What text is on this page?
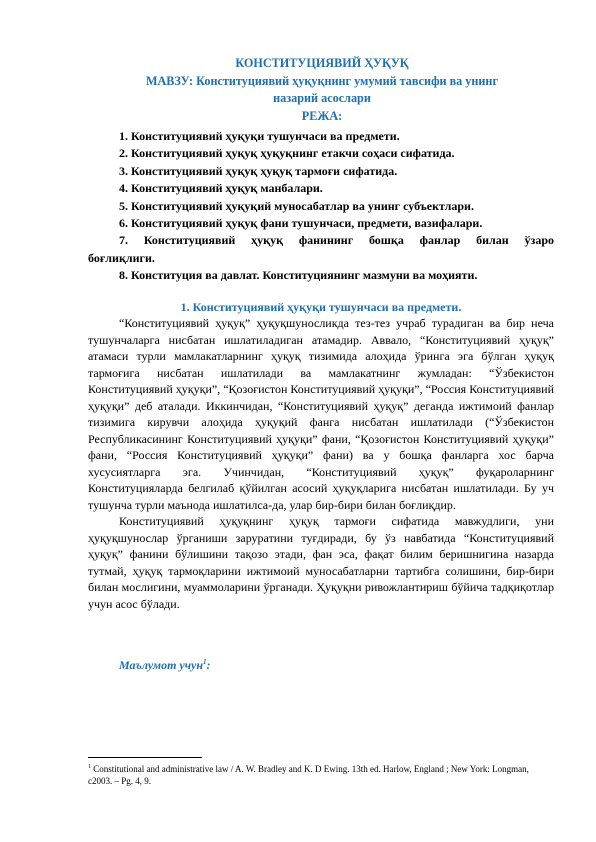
КОНСТИТУЦИЯВИЙ ҲУҚУҚ

МАВЗУ: Конституциявий ҳуқуқнинг умумий тавсифи ва унинг

назарий асослари

РЕЖА:

1. Конституциявий ҳуқуқи тушунчаси ва предмети.
2. Конституциявий ҳуқуқ ҳуқуқнинг етакчи соҳаси сифатида.
3. Конституциявий ҳуқуқ ҳуқуқ тармоғи сифатида.
4. Конституциявий ҳуқуқ манбалари.
5. Конституциявий ҳуқуқий муносабатлар ва унинг субъектлари.
6. Конституциявий ҳуқуқ фани тушунчаси, предмети, вазифалари.
7. Конституциявий ҳуқуқ фанининг бошқа фанлар билан ўзаро
боғлиқлиги.
8. Конституция ва давлат. Конституциянинг мазмуни ва моҳияти.

1. Конституциявий ҳуқуқи тушунчаси ва предмети.

“Конституциявий ҳуқуқ” ҳуқуқшуносликда тез-тез учраб турадиган ва бир неча тушунчаларга нисбатан ишлатиладиган атамадир. Аввало, “Конституциявий ҳуқуқ” атамаси турли мамлакатларнинг ҳуқуқ тизимида алоҳида ўринга эга бўлган ҳуқуқ тармоғига нисбатан ишлатилади ва мамлакатнинг жумладан: “Ўзбекистон Конституциявий ҳуқуқи”, “Қозоғистон Конституциявий ҳуқуқи”, “Россия Конституциявий ҳуқуқи” деб аталади. Иккинчидан, “Конституциявий ҳуқуқ” деганда ижтимоий фанлар тизимига кирувчи алоҳида ҳуқуқий фанга нисбатан ишлатилади (“Ўзбекистон Республикасининг Конституциявий ҳуқуқи” фани, “Қозоғистон Конституциявий ҳуқуқи” фани, “Россия Конституциявий ҳуқуқи” фани) ва у бошқа фанларга хос барча хусусиятларга эга. Учинчидан, “Конституциявий ҳуқуқ” фуқароларнинг Конституцияларда белгилаб қўйилган асосий ҳуқуқларига нисбатан ишлатилади. Бу уч тушунча турли маънода ишлатилса-да, улар бир-бири билан боғлиқдир.

Конституциявий ҳуқуқнинг ҳуқуқ тармоғи сифатида мавжудлиги, уни ҳуқуқшунослар ўрганиши заруратини туғдиради, бу ўз навбатида “Конституциявий ҳуқуқ” фанини бўлишини тақозо этади, фан эса, фақат билим беришнигина назарда тутмай, ҳуқуқ тармоқларини ижтимоий муносабатларни тартибга солишини, бир-бири билан мослигини, муаммоларини ўрганади. Ҳуқуқни ривожлантириш бўйича тадқиқотлар учун асос бўлади.

Маълумот учун$^1$:

$^1$ Constitutional and administrative law / A. W. Bradley and K. D Ewing. 13th ed. Harlow, England ; New York: Longman, c2003. – Pg. 4, 9.
